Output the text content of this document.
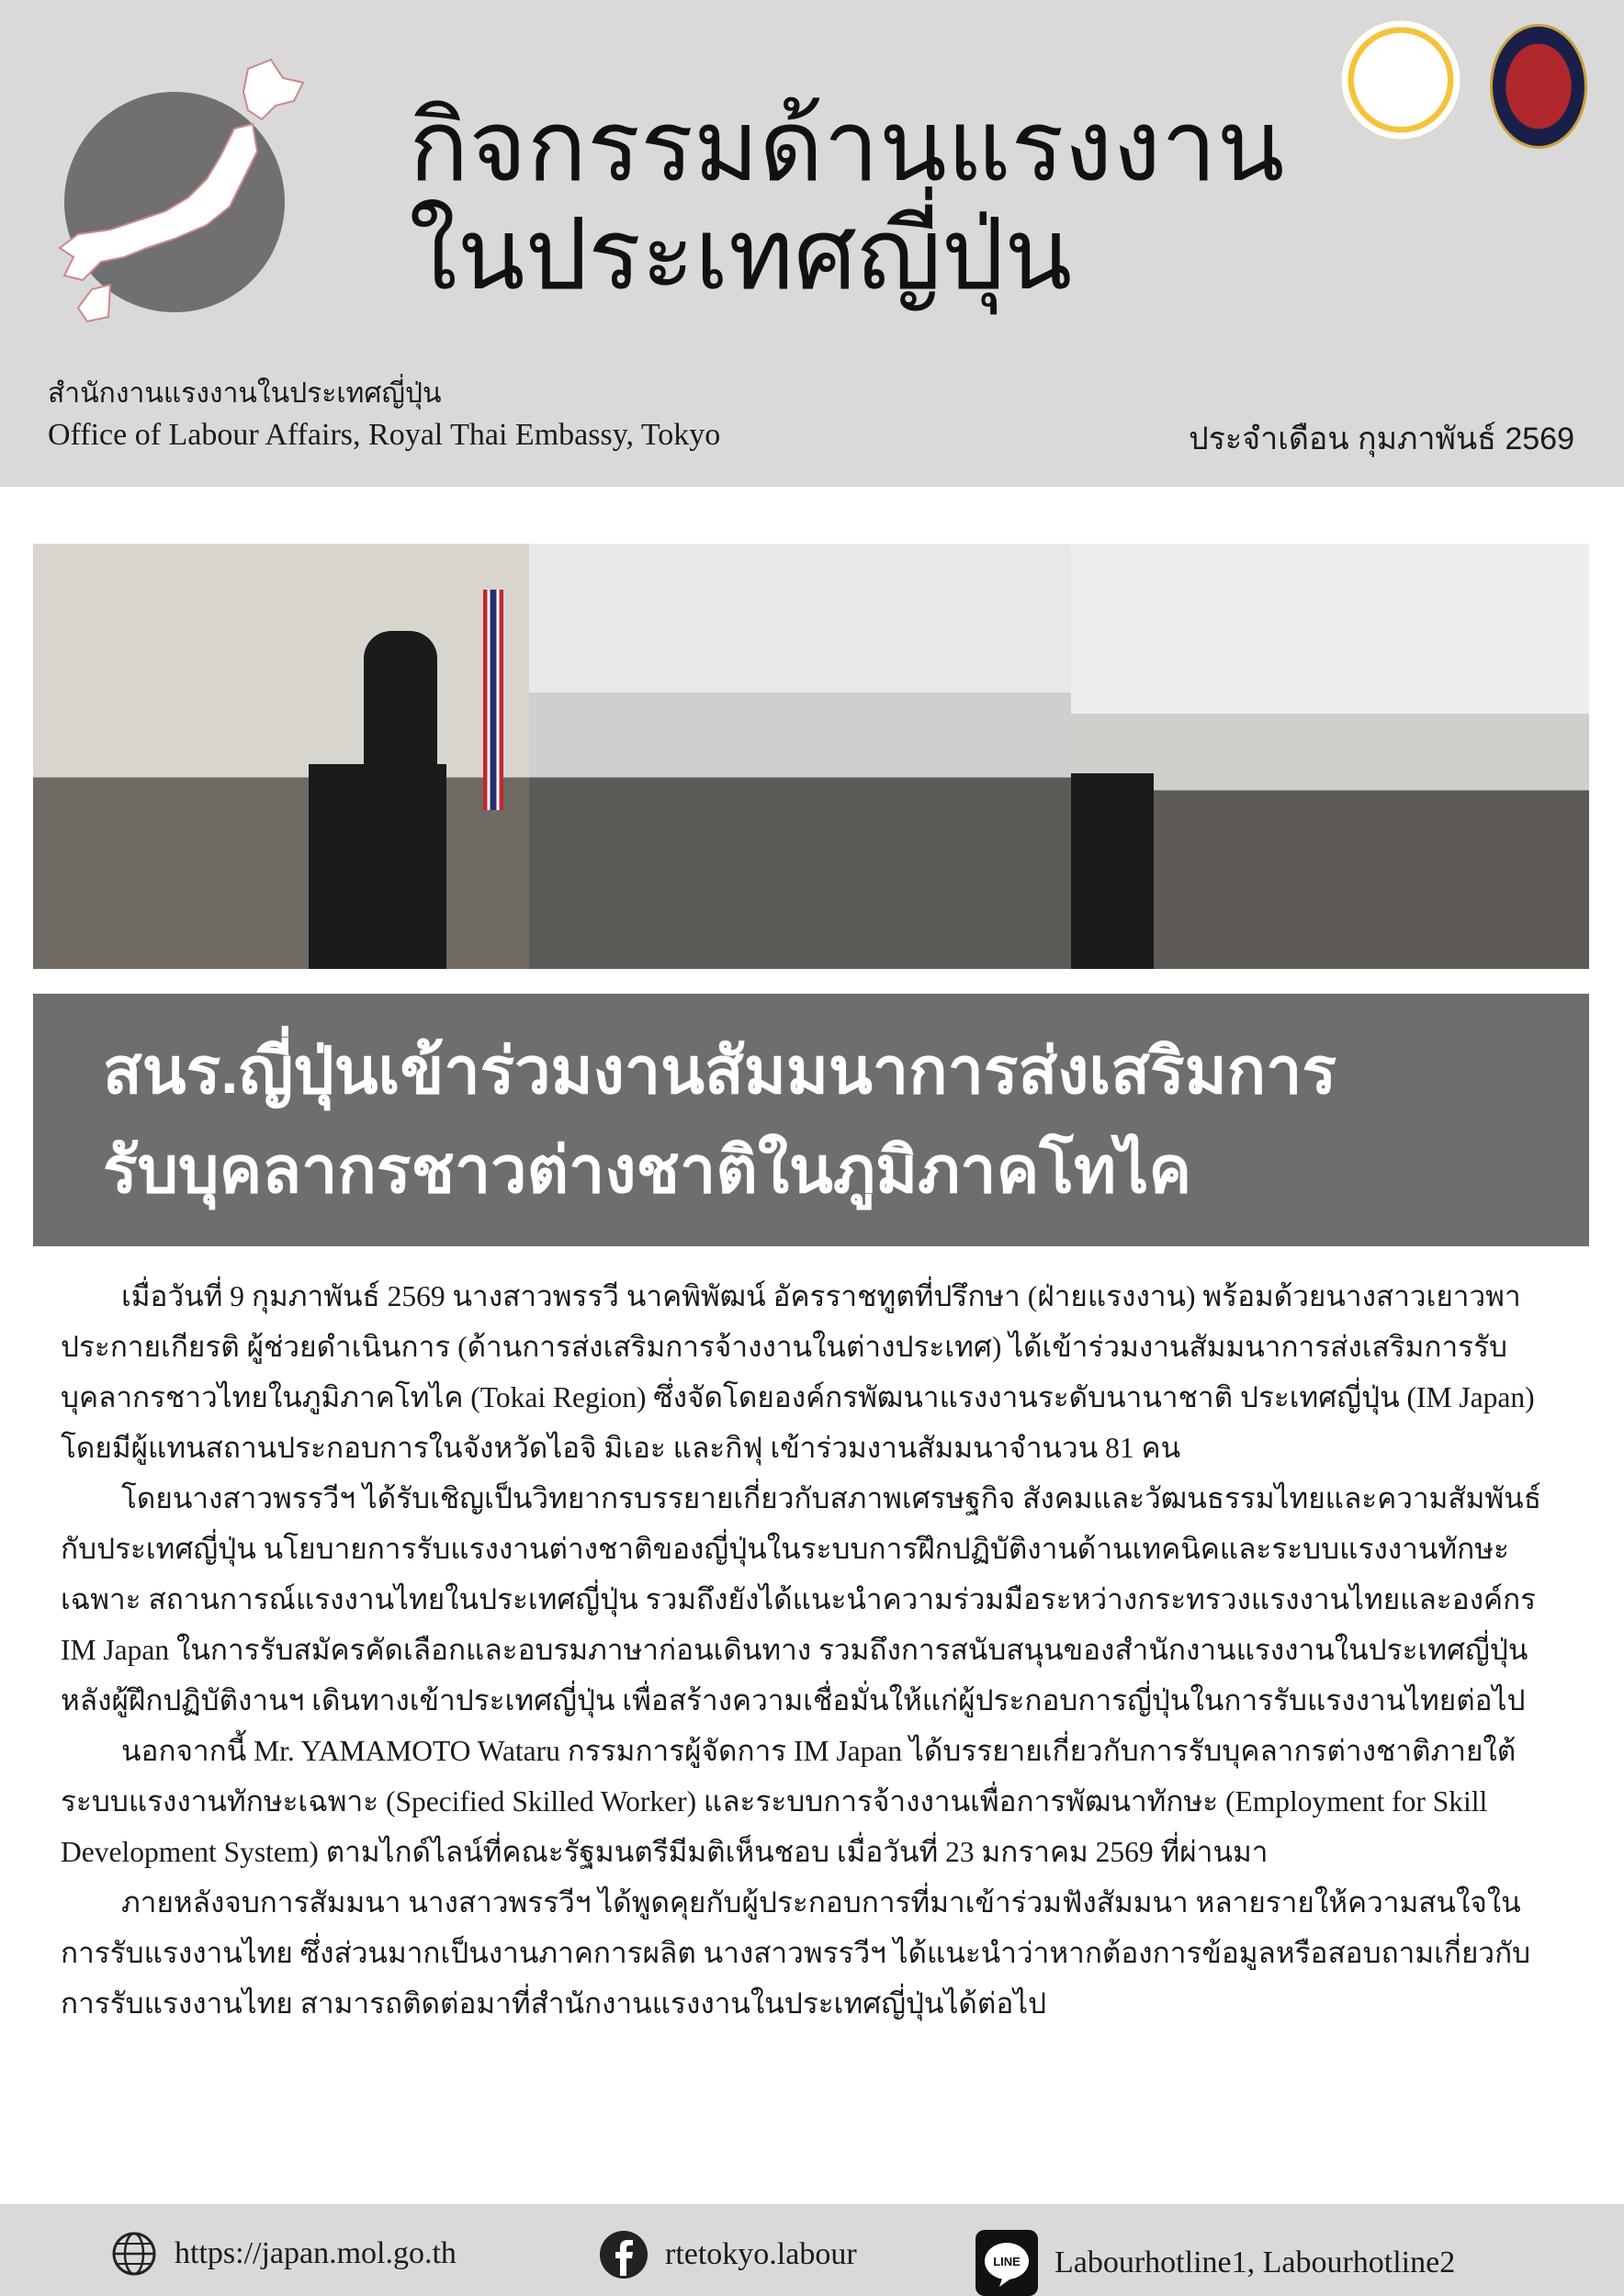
กิจกรรมด้านแรงงาน
ในประเทศญี่ปุ่น
สำนักงานแรงงานในประเทศญี่ปุ่น
Office of Labour Affairs, Royal Thai Embassy, Tokyo	ประจำเดือน กุมภาพันธ์ 2569
สนร.ญี่ปุ่นเข้าร่วมงานสัมมนาการส่งเสริมการ
รับบุคลากรชาวต่างชาติในภูมิภาคโทไค

เมื่อวันที่ 9 กุมภาพันธ์ 2569 นางสาวพรรวี นาคพิพัฒน์ อัครราชทูตที่ปรึกษา (ฝ่ายแรงงาน) พร้อมด้วยนางสาวเยาวพา ประกายเกียรติ ผู้ช่วยดำเนินการ (ด้านการส่งเสริมการจ้างงานในต่างประเทศ) ได้เข้าร่วมงานสัมมนาการส่งเสริมการรับบุคลากรชาวไทยในภูมิภาคโทไค (Tokai Region) ซึ่งจัดโดยองค์กรพัฒนาแรงงานระดับนานาชาติ ประเทศญี่ปุ่น (IM Japan) โดยมีผู้แทนสถานประกอบการในจังหวัดไอจิ มิเอะ และกิฟุ เข้าร่วมงานสัมมนาจำนวน 81 คน

โดยนางสาวพรรวีฯ ได้รับเชิญเป็นวิทยากรบรรยายเกี่ยวกับสภาพเศรษฐกิจ สังคมและวัฒนธรรมไทยและความสัมพันธ์กับประเทศญี่ปุ่น นโยบายการรับแรงงานต่างชาติของญี่ปุ่นในระบบการฝึกปฏิบัติงานด้านเทคนิคและระบบแรงงานทักษะเฉพาะ สถานการณ์แรงงานไทยในประเทศญี่ปุ่น รวมถึงยังได้แนะนำความร่วมมือระหว่างกระทรวงแรงงานไทยและองค์กร IM Japan ในการรับสมัครคัดเลือกและอบรมภาษาก่อนเดินทาง รวมถึงการสนับสนุนของสำนักงานแรงงานในประเทศญี่ปุ่นหลังผู้ฝึกปฏิบัติงานฯ เดินทางเข้าประเทศญี่ปุ่น เพื่อสร้างความเชื่อมั่นให้แก่ผู้ประกอบการญี่ปุ่นในการรับแรงงานไทยต่อไป

นอกจากนี้ Mr. YAMAMOTO Wataru กรรมการผู้จัดการ IM Japan ได้บรรยายเกี่ยวกับการรับบุคลากรต่างชาติภายใต้ระบบแรงงานทักษะเฉพาะ (Specified Skilled Worker) และระบบการจ้างงานเพื่อการพัฒนาทักษะ (Employment for Skill Development System) ตามไกด์ไลน์ที่คณะรัฐมนตรีมีมติเห็นชอบ เมื่อวันที่ 23 มกราคม 2569 ที่ผ่านมา

ภายหลังจบการสัมมนา นางสาวพรรวีฯ ได้พูดคุยกับผู้ประกอบการที่มาเข้าร่วมฟังสัมมนา หลายรายให้ความสนใจในการรับแรงงานไทย ซึ่งส่วนมากเป็นงานภาคการผลิต นางสาวพรรวีฯ ได้แนะนำว่าหากต้องการข้อมูลหรือสอบถามเกี่ยวกับการรับแรงงานไทย สามารถติดต่อมาที่สำนักงานแรงงานในประเทศญี่ปุ่นได้ต่อไป

https://japan.mol.go.th	rtetokyo.labour	LINE Labourhotline1, Labourhotline2
